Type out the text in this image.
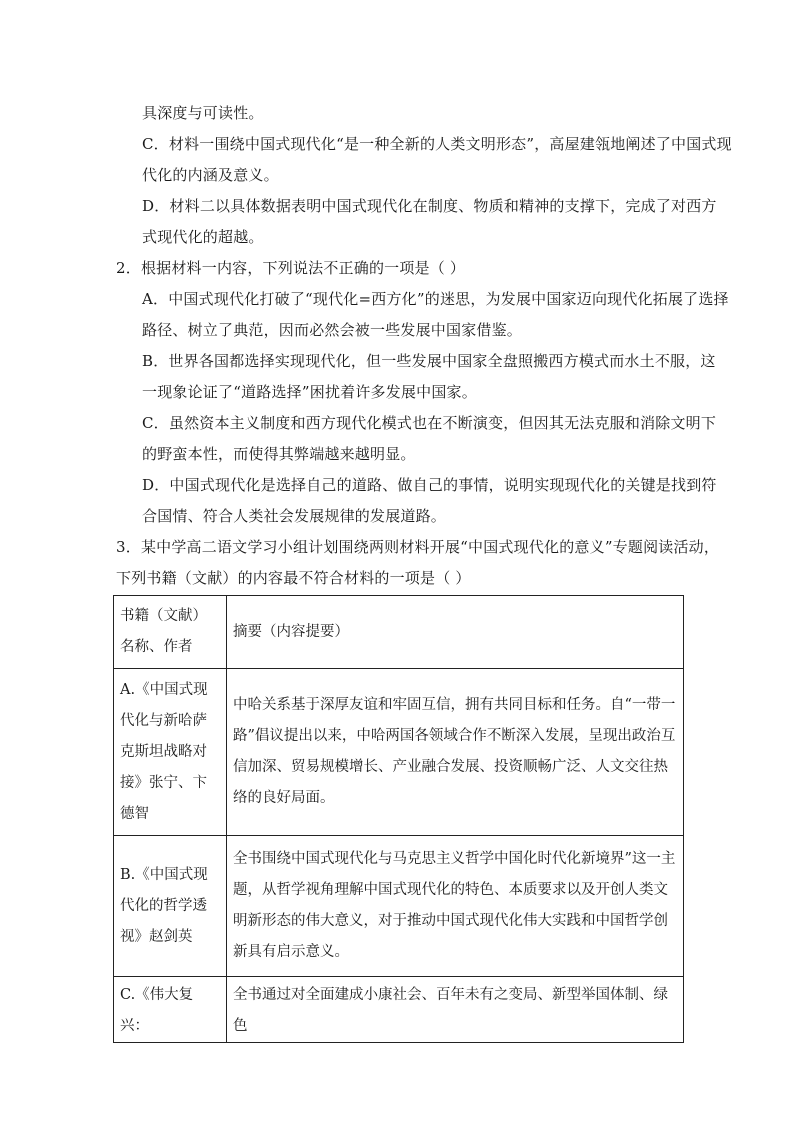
具深度与可读性。
C．材料一围绕中国式现代化“是一种全新的人类文明形态”，高屋建瓴地阐述了中国式现
代化的内涵及意义。
D．材料二以具体数据表明中国式现代化在制度、物质和精神的支撑下，完成了对西方
式现代化的超越。
2．根据材料一内容，下列说法不正确的一项是（ ）
A．中国式现代化打破了“现代化=西方化”的迷思，为发展中国家迈向现代化拓展了选择
路径、树立了典范，因而必然会被一些发展中国家借鉴。
B．世界各国都选择实现现代化，但一些发展中国家全盘照搬西方模式而水土不服，这
一现象论证了“道路选择”困扰着许多发展中国家。
C．虽然资本主义制度和西方现代化模式也在不断演变，但因其无法克服和消除文明下
的野蛮本性，而使得其弊端越来越明显。
D．中国式现代化是选择自己的道路、做自己的事情，说明实现现代化的关键是找到符
合国情、符合人类社会发展规律的发展道路。
3．某中学高二语文学习小组计划围绕两则材料开展“中国式现代化的意义”专题阅读活动，
下列书籍（文献）的内容最不符合材料的一项是（ ）
书籍（文献）名称、作者	摘要（内容提要）

A.《中国式现代化与新哈萨克斯坦战略对接》张宁、卞德智	中哈关系基于深厚友谊和牢固互信，拥有共同目标和任务。自“一带一路”倡议提出以来，中哈两国各领域合作不断深入发展，呈现出政治互信加深、贸易规模增长、产业融合发展、投资顺畅广泛、人文交往热络的良好局面。

B.《中国式现代化的哲学透视》赵剑英	全书围绕中国式现代化与马克思主义哲学中国化时代化新境界”这一主题，从哲学视角理解中国式现代化的特色、本质要求以及开创人类文明新形态的伟大意义，对于推动中国式现代化伟大实践和中国哲学创新具有启示意义。

C.《伟大复兴：	全书通过对全面建成小康社会、百年未有之变局、新型举国体制、绿色
